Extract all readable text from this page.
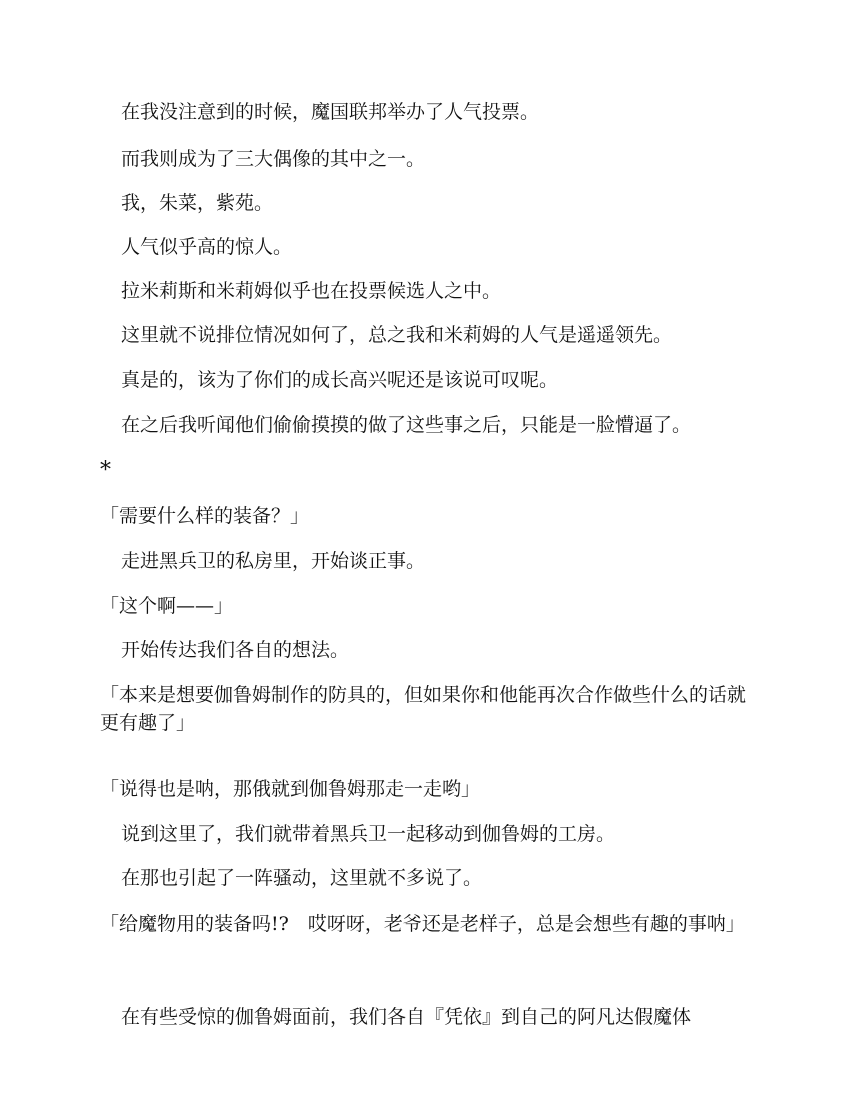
在我没注意到的时候，魔国联邦举办了人气投票。

而我则成为了三大偶像的其中之一。

我，朱菜，紫苑。

人气似乎高的惊人。

拉米莉斯和米莉姆似乎也在投票候选人之中。

这里就不说排位情况如何了，总之我和米莉姆的人气是遥遥领先。

真是的，该为了你们的成长高兴呢还是该说可叹呢。

在之后我听闻他们偷偷摸摸的做了这些事之后，只能是一脸懵逼了。

*

「需要什么样的装备？」

走进黑兵卫的私房里，开始谈正事。

「这个啊——」

开始传达我们各自的想法。

「本来是想要伽鲁姆制作的防具的，但如果你和他能再次合作做些什么的话就更有趣了」

「说得也是呐，那俄就到伽鲁姆那走一走哟」

说到这里了，我们就带着黑兵卫一起移动到伽鲁姆的工房。

在那也引起了一阵骚动，这里就不多说了。

「给魔物用的装备吗!?　哎呀呀，老爷还是老样子，总是会想些有趣的事呐」

在有些受惊的伽鲁姆面前，我们各自『凭依』到自己的阿凡达假魔体
